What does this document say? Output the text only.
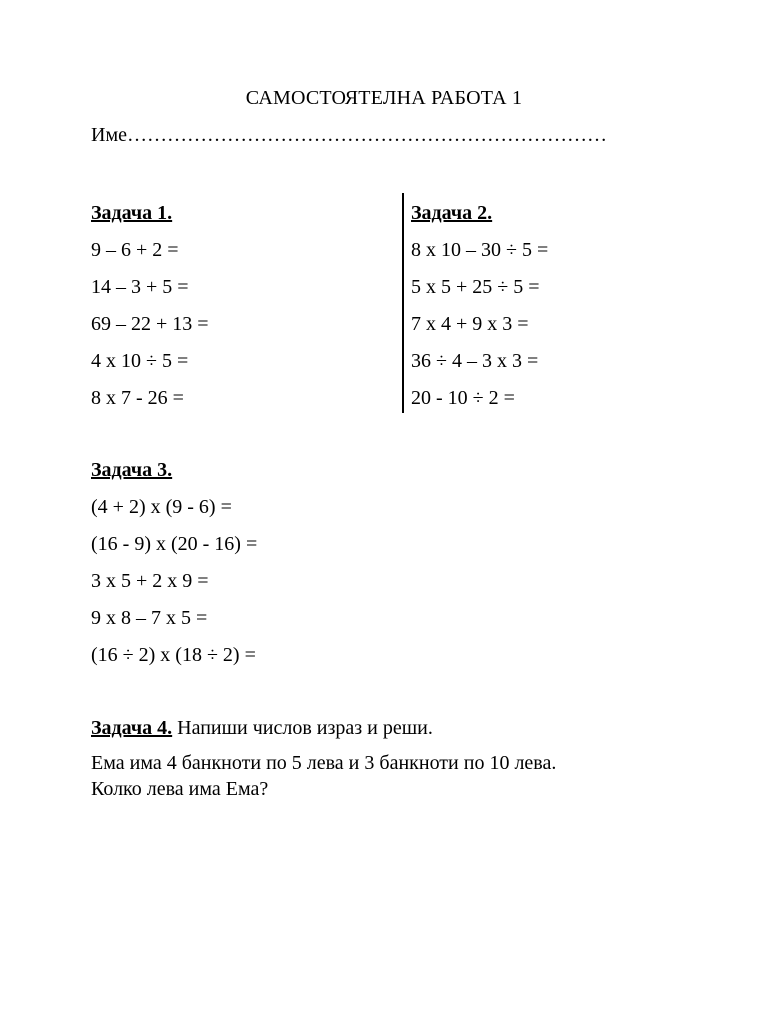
САМОСТОЯТЕЛНА РАБОТА 1
Име………………………………………………………………
Задача 1.
9 – 6 + 2 =
14 – 3 + 5 =
69 – 22 + 13 =
4 x 10 ÷ 5 =
8 x 7 - 26 =
Задача 2.
8 x 10 – 30 ÷ 5 =
5 x 5 + 25 ÷ 5 =
7 x 4 + 9 x 3 =
36 ÷ 4 – 3 x 3 =
20 - 10 ÷ 2 =
Задача 3.
(4 + 2) x (9 - 6) =
(16 - 9) x (20 - 16) =
3 x 5 + 2 x 9 =
9 x 8 – 7 x 5 =
(16 ÷ 2) x (18 ÷ 2) =
Задача 4. Напиши числов израз и реши.
Ема има 4 банкноти по 5 лева и 3 банкноти по 10 лева.
Колко лева има Ема?
